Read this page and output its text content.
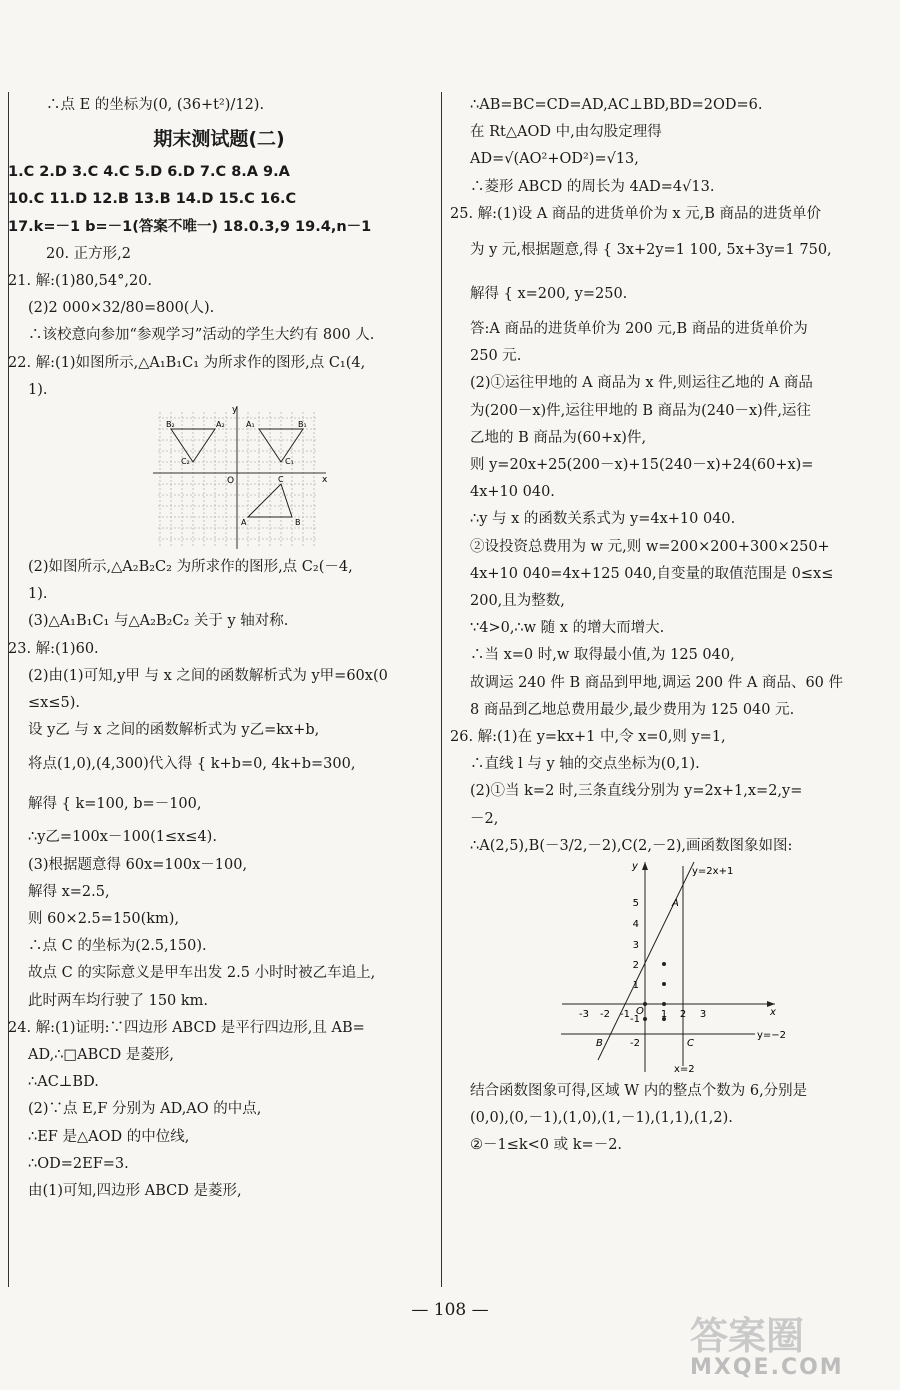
∴点 E 的坐标为(0, (36+t²)/12).
期末测试题(二)
1.C 2.D 3.C 4.C 5.D 6.D 7.C 8.A 9.A
10.C 11.D 12.B 13.B 14.D 15.C 16.C
17.k=－1 b=－1(答案不唯一) 18.0.3,9 19.4,n－1
20. 正方形,2
21. 解:(1)80,54°,20.
(2)2 000×32/80=800(人).
∴该校意向参加“参观学习”活动的学生大约有 800 人.
22. 解:(1)如图所示,△A₁B₁C₁ 为所求作的图形,点 C₁(4,
1).
y
x
O
B₂	A₂
C₂
A₁	B₁
C₁
C
A	B
(2)如图所示,△A₂B₂C₂ 为所求作的图形,点 C₂(－4,
1).
(3)△A₁B₁C₁ 与△A₂B₂C₂ 关于 y 轴对称.
23. 解:(1)60.
(2)由(1)可知,y甲 与 x 之间的函数解析式为 y甲=60x(0
≤x≤5).
设 y乙 与 x 之间的函数解析式为 y乙=kx+b,
将点(1,0),(4,300)代入得 { k+b=0, 4k+b=300,
解得 { k=100, b=－100,
∴y乙=100x－100(1≤x≤4).
(3)根据题意得 60x=100x－100,
解得 x=2.5,
则 60×2.5=150(km),
∴点 C 的坐标为(2.5,150).
故点 C 的实际意义是甲车出发 2.5 小时时被乙车追上,
此时两车均行驶了 150 km.
24. 解:(1)证明:∵四边形 ABCD 是平行四边形,且 AB=
AD,∴□ABCD 是菱形,
∴AC⊥BD.
(2)∵点 E,F 分别为 AD,AO 的中点,
∴EF 是△AOD 的中位线,
∴OD=2EF=3.
由(1)可知,四边形 ABCD 是菱形,
∴AB=BC=CD=AD,AC⊥BD,BD=2OD=6.
在 Rt△AOD 中,由勾股定理得
AD=√(AO²+OD²)=√13,
∴菱形 ABCD 的周长为 4AD=4√13.
25. 解:(1)设 A 商品的进货单价为 x 元,B 商品的进货单价
为 y 元,根据题意,得 { 3x+2y=1 100, 5x+3y=1 750,
解得 { x=200, y=250.
答:A 商品的进货单价为 200 元,B 商品的进货单价为
250 元.
(2)①运往甲地的 A 商品为 x 件,则运往乙地的 A 商品
为(200－x)件,运往甲地的 B 商品为(240－x)件,运往
乙地的 B 商品为(60+x)件,
则 y=20x+25(200－x)+15(240－x)+24(60+x)=
4x+10 040.
∴y 与 x 的函数关系式为 y=4x+10 040.
②设投资总费用为 w 元,则 w=200×200+300×250+
4x+10 040=4x+125 040,自变量的取值范围是 0≤x≤
200,且为整数,
∵4>0,∴w 随 x 的增大而增大.
∴当 x=0 时,w 取得最小值,为 125 040,
故调运 240 件 B 商品到甲地,调运 200 件 A 商品、60 件
8 商品到乙地总费用最少,最少费用为 125 040 元.
26. 解:(1)在 y=kx+1 中,令 x=0,则 y=1,
∴直线 l 与 y 轴的交点坐标为(0,1).
(2)①当 k=2 时,三条直线分别为 y=2x+1,x=2,y=
－2,
∴A(2,5),B(－3/2,－2),C(2,－2),画函数图象如图:
y
x
O
A
B	C
y=2x+1
y=−2
x=2
5
4
3
2
1
-1
-2
-3 -2 -1	1 2 3
结合函数图象可得,区域 W 内的整点个数为 6,分别是
(0,0),(0,－1),(1,0),(1,－1),(1,1),(1,2).
②－1≤k<0 或 k=－2.
— 108 —
答案圈
MXQE.COM
